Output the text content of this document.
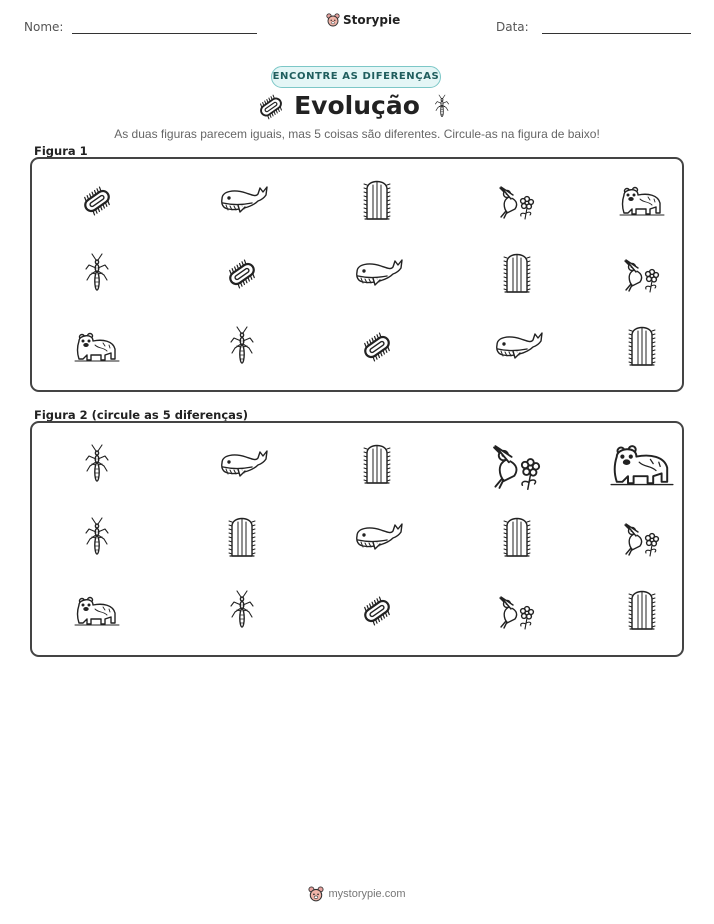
Nome:	Storypie	Data:
ENCONTRE AS DIFERENÇAS
Evolução
As duas figuras parecem iguais, mas 5 coisas são diferentes. Circule-as na figura de baixo!
Figura 1
Figura 2 (circule as 5 diferenças)
mystorypie.com
